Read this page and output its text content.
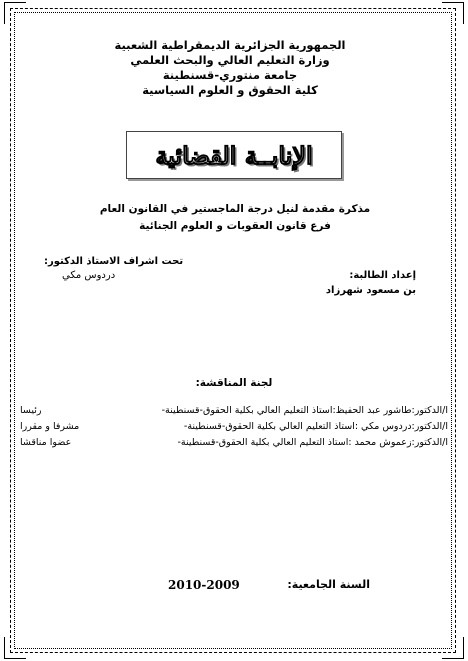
الجمهورية الجزائرية الديمقراطية الشعبية
وزارة التعليم العالي والبحث العلمي
جامعة منتوري-قسنطينة
كلية الحقوق و العلوم السياسية
الإنابــة القضائية
مذكرة مقدمة لنيل درجة الماجستير في القانون العام
فرع قانون العقوبات و العلوم الجنائية
تحت اشراف الاستاذ الدكتور:
دردوس مكي	إعداد الطالبة:
بن مسعود شهرزاد
لجنة المناقشة:
ا/الدكتور:طاشور عبد الحفيظ:استاذ التعليم العالي بكلية الحقوق-قسنطينة-
رئيسا
ا/الدكتور:دردوس مكي :استاذ التعليم العالي بكلية الحقوق-قسنطينة-
مشرفا و مقررا
ا/الدكتور:زعموش محمد :استاذ التعليم العالي بكلية الحقوق-قسنطينة-
عضوا مناقشا
السنة الجامعية:
2010-2009
